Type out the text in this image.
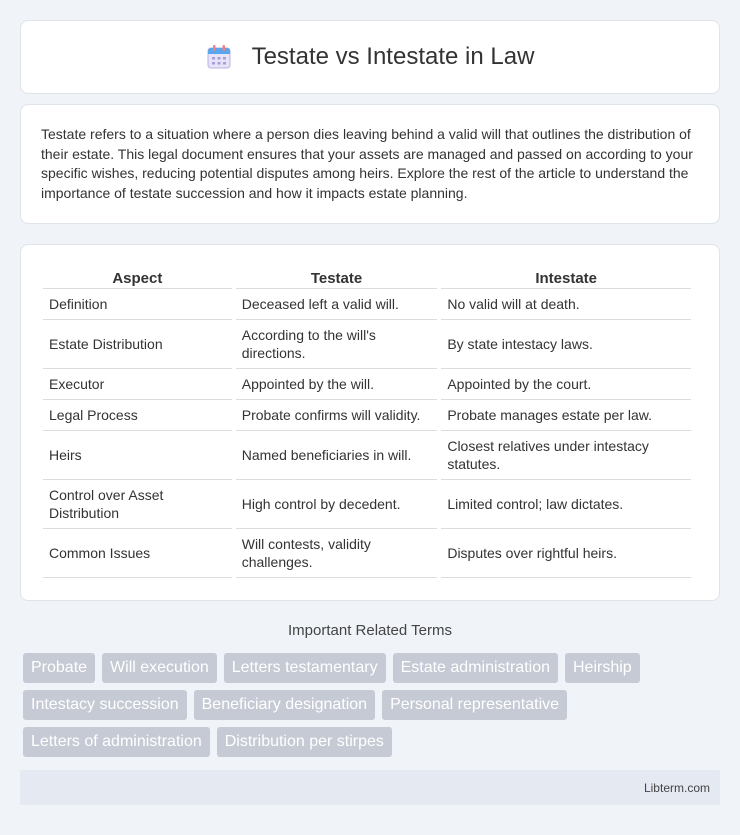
Testate vs Intestate in Law

Testate refers to a situation where a person dies leaving behind a valid will that outlines the distribution of their estate. This legal document ensures that your assets are managed and passed on according to your specific wishes, reducing potential disputes among heirs. Explore the rest of the article to understand the importance of testate succession and how it impacts estate planning.

Aspect	Testate	Intestate
Definition	Deceased left a valid will.	No valid will at death.
Estate Distribution	According to the will's directions.	By state intestacy laws.
Executor	Appointed by the will.	Appointed by the court.
Legal Process	Probate confirms will validity.	Probate manages estate per law.
Heirs	Named beneficiaries in will.	Closest relatives under intestacy statutes.
Control over Asset Distribution	High control by decedent.	Limited control; law dictates.
Common Issues	Will contests, validity challenges.	Disputes over rightful heirs.
Important Related Terms
Probate	Will execution	Letters testamentary	Estate administration	Heirship
Intestacy succession	Beneficiary designation	Personal representative
Letters of administration	Distribution per stirpes
Libterm.com
